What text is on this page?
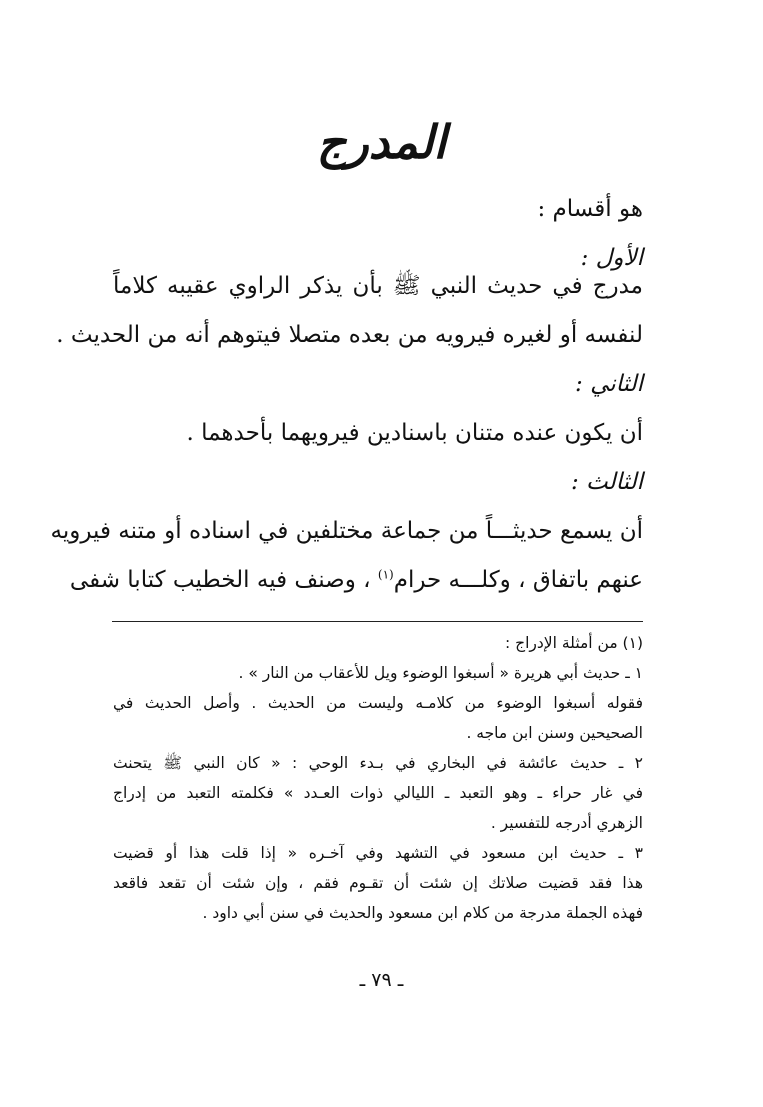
المدرج
هو أقسام :
الأول :
مدرج في حديث النبي ﷺ بأن يذكر الراوي عقيبه كلاماً
لنفسه أو لغيره فيرويه من بعده متصلا فيتوهم أنه من الحديث .
الثاني :
أن يكون عنده متنان باسنادين فيرويهما بأحدهما .
الثالث :
أن يسمع حديثـــاً من جماعة مختلفين في اسناده أو متنه فيرويه
عنهم باتفاق ، وكلـــه حرام$^{(١)}$ ، وصنف فيه الخطيب كتابا شفى
(١) من أمثلة الإدراج :
١ ـ حديث أبي هريرة « أسبغوا الوضوء ويل للأعقاب من النار » .
فقوله أسبغوا الوضوء من كلامـه وليست من الحديث . وأصل الحديث في
الصحيحين وسنن ابن ماجه .
٢ ـ حديث عائشة في البخاري في بـدء الوحي : « كان النبي ﷺ يتحنث
في غار حراء ـ وهو التعبد ـ الليالي ذوات العـدد » فكلمته التعبد من إدراج
الزهري أدرجه للتفسير .
٣ ـ حديث ابن مسعود في التشهد وفي آخـره « إذا قلت هذا أو قضيت
هذا فقد قضيت صلاتك إن شئت أن تقـوم فقم ، وإن شئت أن تقعد فاقعد
فهذه الجملة مدرجة من كلام ابن مسعود والحديث في سنن أبي داود .
ـ ٧٩ ـ
